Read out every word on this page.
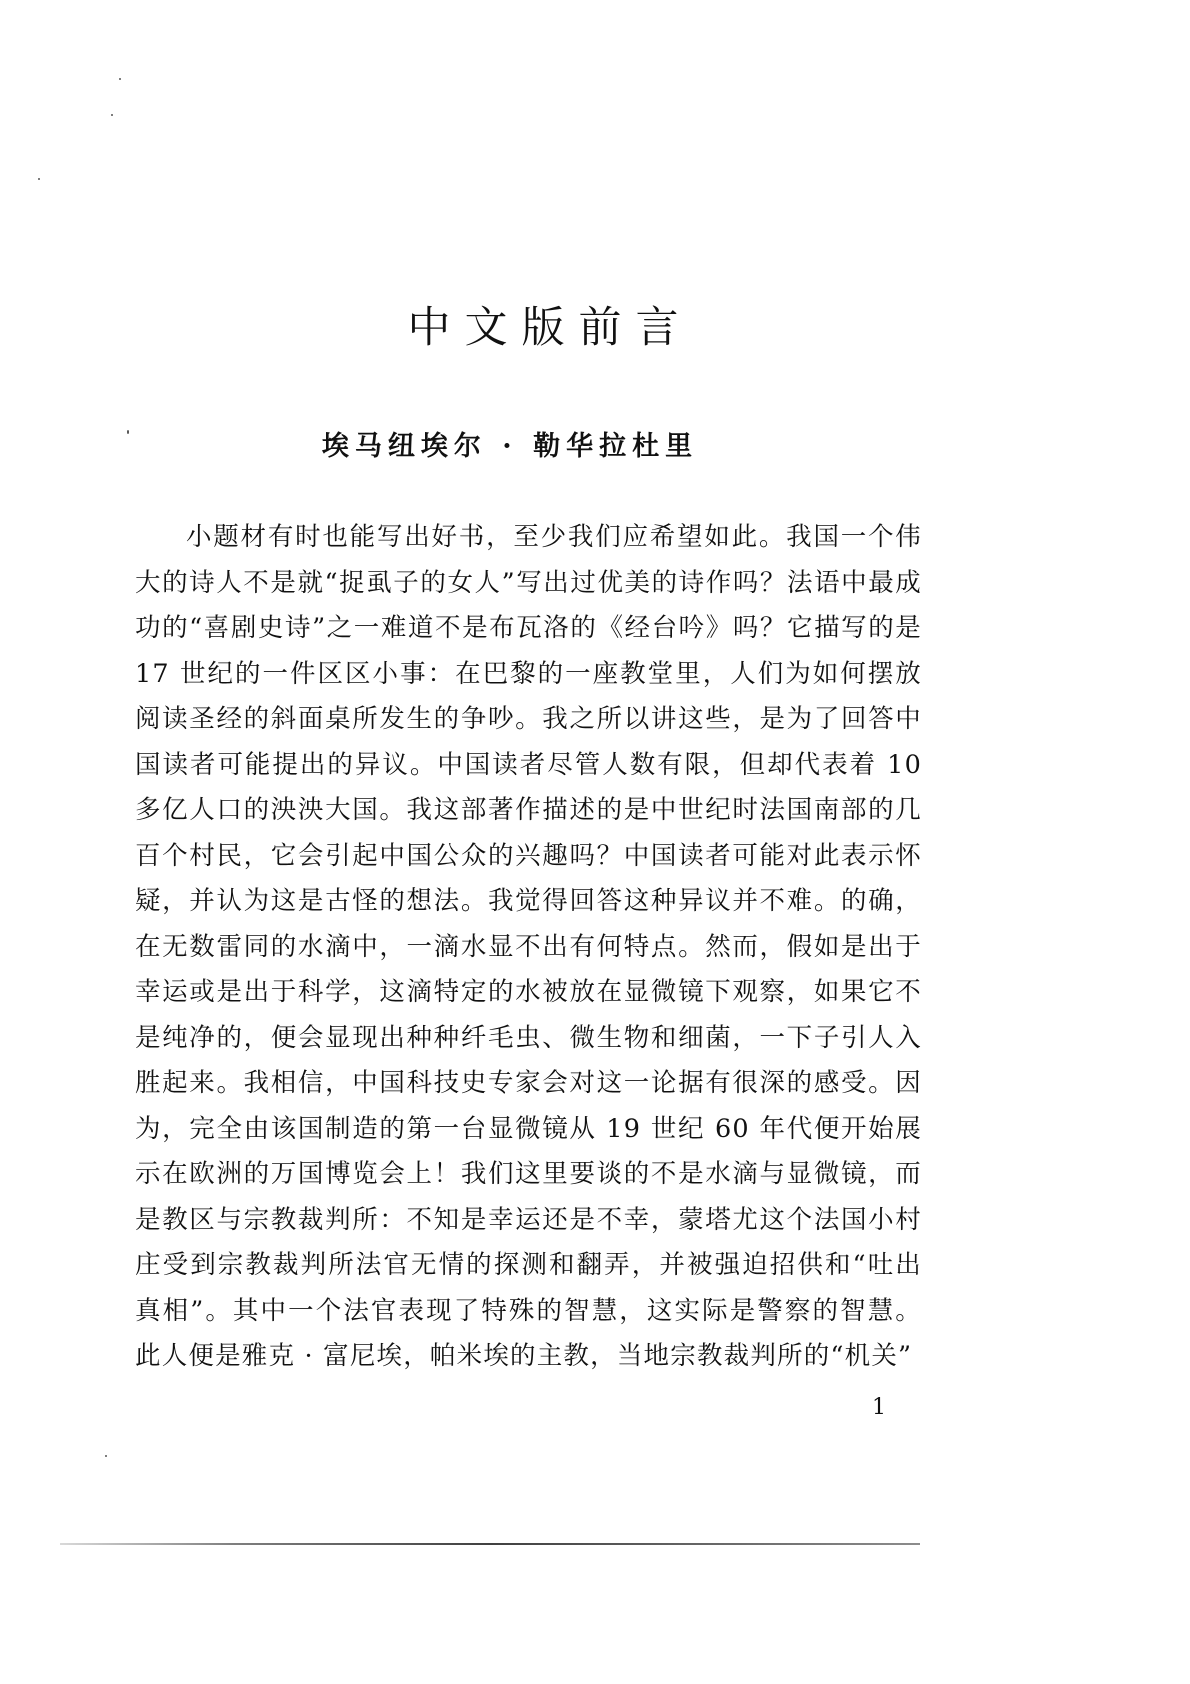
中文版前言
埃马纽埃尔 · 勒华拉杜里

小题材有时也能写出好书，至少我们应希望如此。我国一个伟大的诗人不是就“捉虱子的女人”写出过优美的诗作吗？法语中最成功的“喜剧史诗”之一难道不是布瓦洛的《经台吟》吗？它描写的是 17 世纪的一件区区小事：在巴黎的一座教堂里，人们为如何摆放阅读圣经的斜面桌所发生的争吵。我之所以讲这些，是为了回答中国读者可能提出的异议。中国读者尽管人数有限，但却代表着 10 多亿人口的泱泱大国。我这部著作描述的是中世纪时法国南部的几百个村民，它会引起中国公众的兴趣吗？中国读者可能对此表示怀疑，并认为这是古怪的想法。我觉得回答这种异议并不难。的确，在无数雷同的水滴中，一滴水显不出有何特点。然而，假如是出于幸运或是出于科学，这滴特定的水被放在显微镜下观察，如果它不是纯净的，便会显现出种种纤毛虫、微生物和细菌，一下子引人入胜起来。我相信，中国科技史专家会对这一论据有很深的感受。因为，完全由该国制造的第一台显微镜从 19 世纪 60 年代便开始展示在欧洲的万国博览会上！我们这里要谈的不是水滴与显微镜，而是教区与宗教裁判所：不知是幸运还是不幸，蒙塔尤这个法国小村庄受到宗教裁判所法官无情的探测和翻弄，并被强迫招供和“吐出真相”。其中一个法官表现了特殊的智慧，这实际是警察的智慧。此人便是雅克 · 富尼埃，帕米埃的主教，当地宗教裁判所的“机关”

1
